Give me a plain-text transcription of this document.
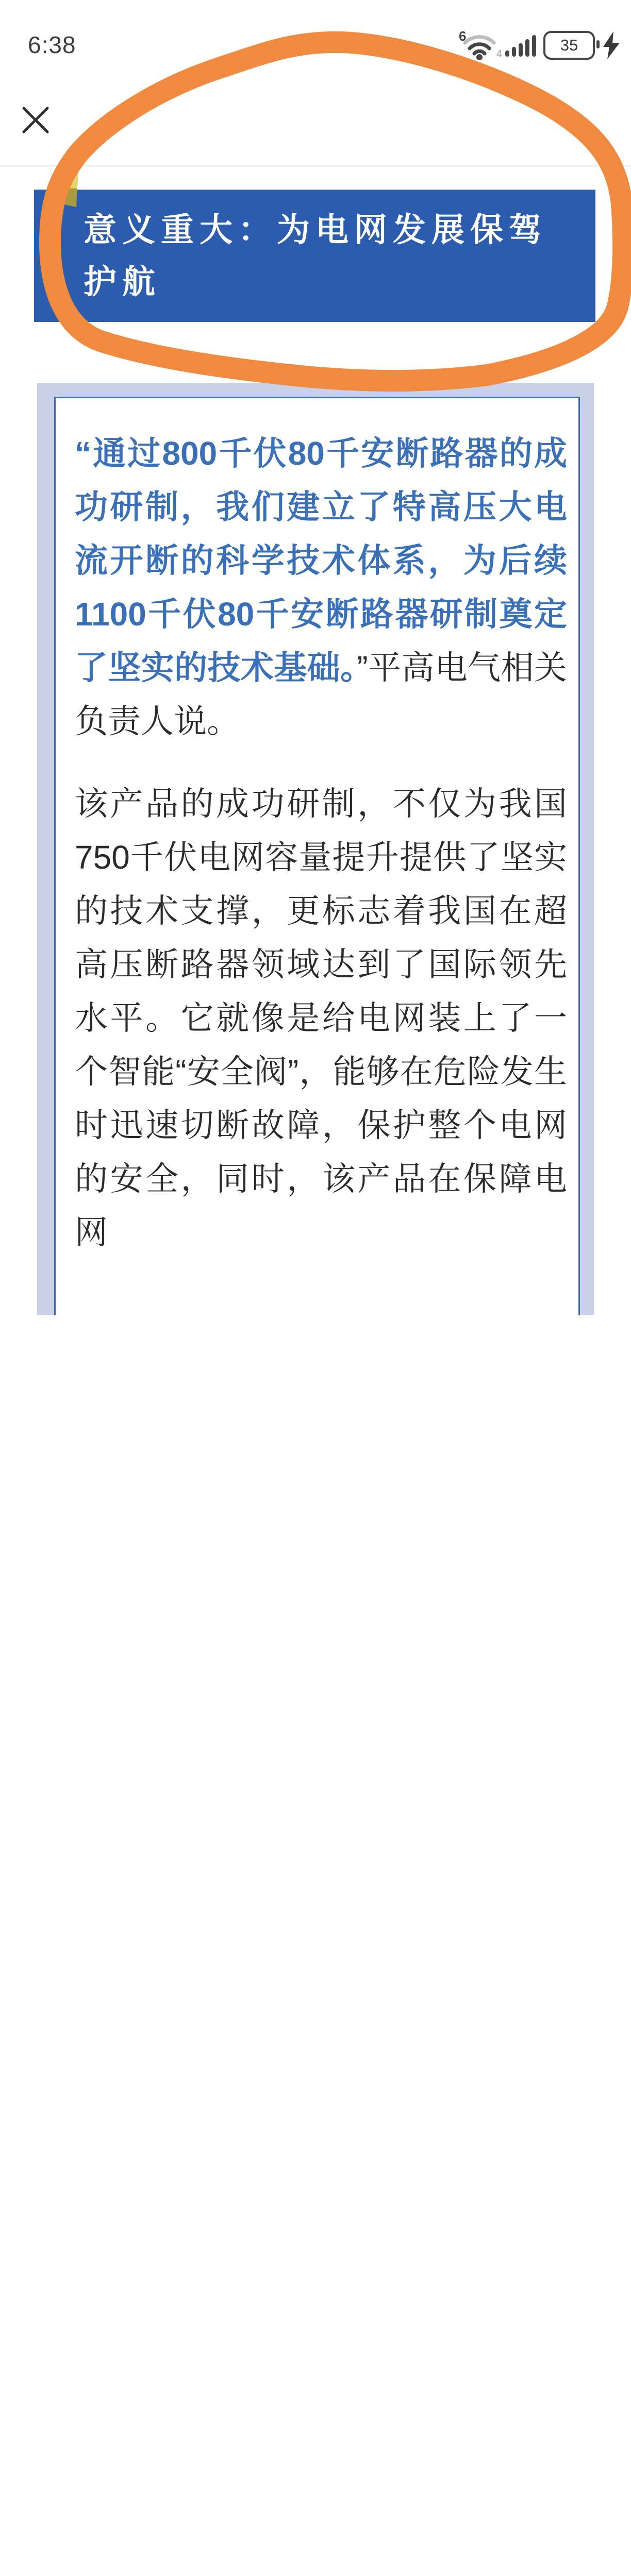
6:38	6
4	35
意义重大：为电网发展保驾护航

“通过800千伏80千安断路器的成功研制，我们建立了特高压大电流开断的科学技术体系，为后续1100千伏80千安断路器研制奠定了坚实的技术基础。”平高电气相关负责人说。

该产品的成功研制，不仅为我国750千伏电网容量提升提供了坚实的技术支撑，更标志着我国在超高压断路器领域达到了国际领先水平。它就像是给电网装上了一个智能“安全阀”，能够在危险发生时迅速切断故障，保护整个电网的安全，同时，该产品在保障电网
